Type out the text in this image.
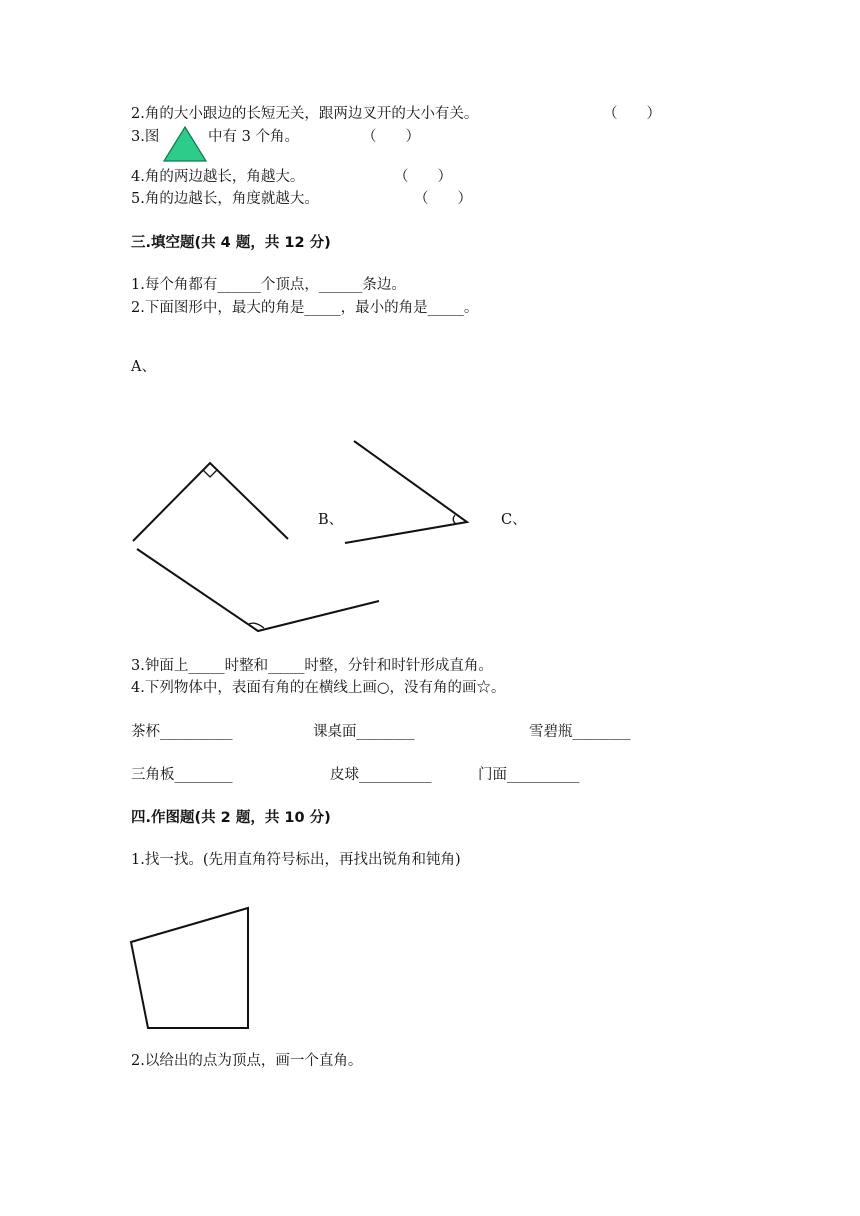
2.角的大小跟边的长短无关，跟两边叉开的大小有关。	（　　）
3.图	中有 3 个角。	（　　）
4.角的两边越长，角越大。	（　　）
5.角的边越长，角度就越大。	（　　）
三.填空题(共 4 题，共 12 分)
1.每个角都有______个顶点，______条边。
2.下面图形中，最大的角是_____，最小的角是_____。
A、
B、	C、
3.钟面上_____时整和_____时整，分针和时针形成直角。
4.下列物体中，表面有角的在横线上画○，没有角的画☆。
茶杯__________	课桌面________	雪碧瓶________
三角板________	皮球__________	门面__________
四.作图题(共 2 题，共 10 分)
1.找一找。(先用直角符号标出，再找出锐角和钝角)
2.以给出的点为顶点，画一个直角。
